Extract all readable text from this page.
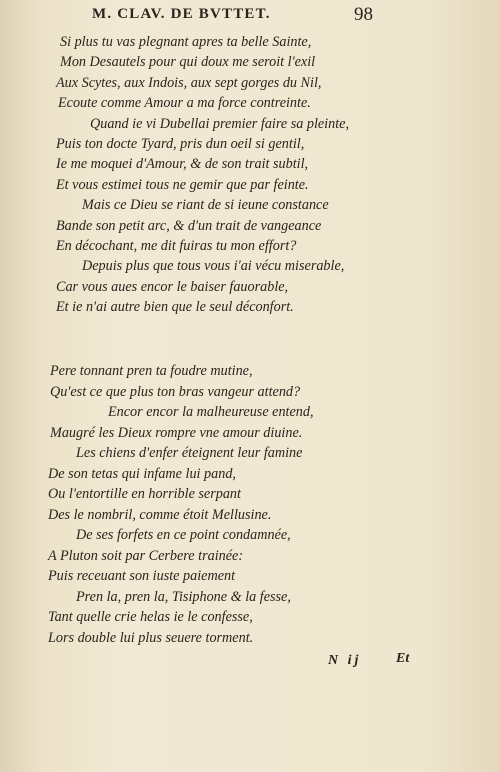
M. CLAV. DE BVTTET.	98
Si plus tu vas plegnant apres ta belle Sainte,
Mon Desautels pour qui doux me seroit l'exil
Aux Scytes, aux Indois, aux sept gorges du Nil,
Ecoute comme Amour a ma force contreinte.
Quand ie vi Dubellai premier faire sa pleinte,
Puis ton docte Tyard, pris dun oeil si gentil,
Ie me moquei d'Amour, & de son trait subtil,
Et vous estimei tous ne gemir que par feinte.
Mais ce Dieu se riant de si ieune constance
Bande son petit arc, & d'un trait de vangeance
En décochant, me dit fuiras tu mon effort?
Depuis plus que tous vous i'ai vécu miserable,
Car vous aues encor le baiser fauorable,
Et ie n'ai autre bien que le seul déconfort.
Pere tonnant pren ta foudre mutine,
Qu'est ce que plus ton bras vangeur attend?
Encor encor la malheureuse entend,
Maugré les Dieux rompre vne amour diuine.
Les chiens d'enfer éteignent leur famine
De son tetas qui infame lui pand,
Ou l'entortille en horrible serpant
Des le nombril, comme étoit Mellusine.
De ses forfets en ce point condamnée,
A Pluton soit par Cerbere trainée:
Puis receuant son iuste paiement
Pren la, pren la, Tisiphone & la fesse,
Tant quelle crie helas ie le confesse,
Lors double lui plus seuere torment.
N ij Et
